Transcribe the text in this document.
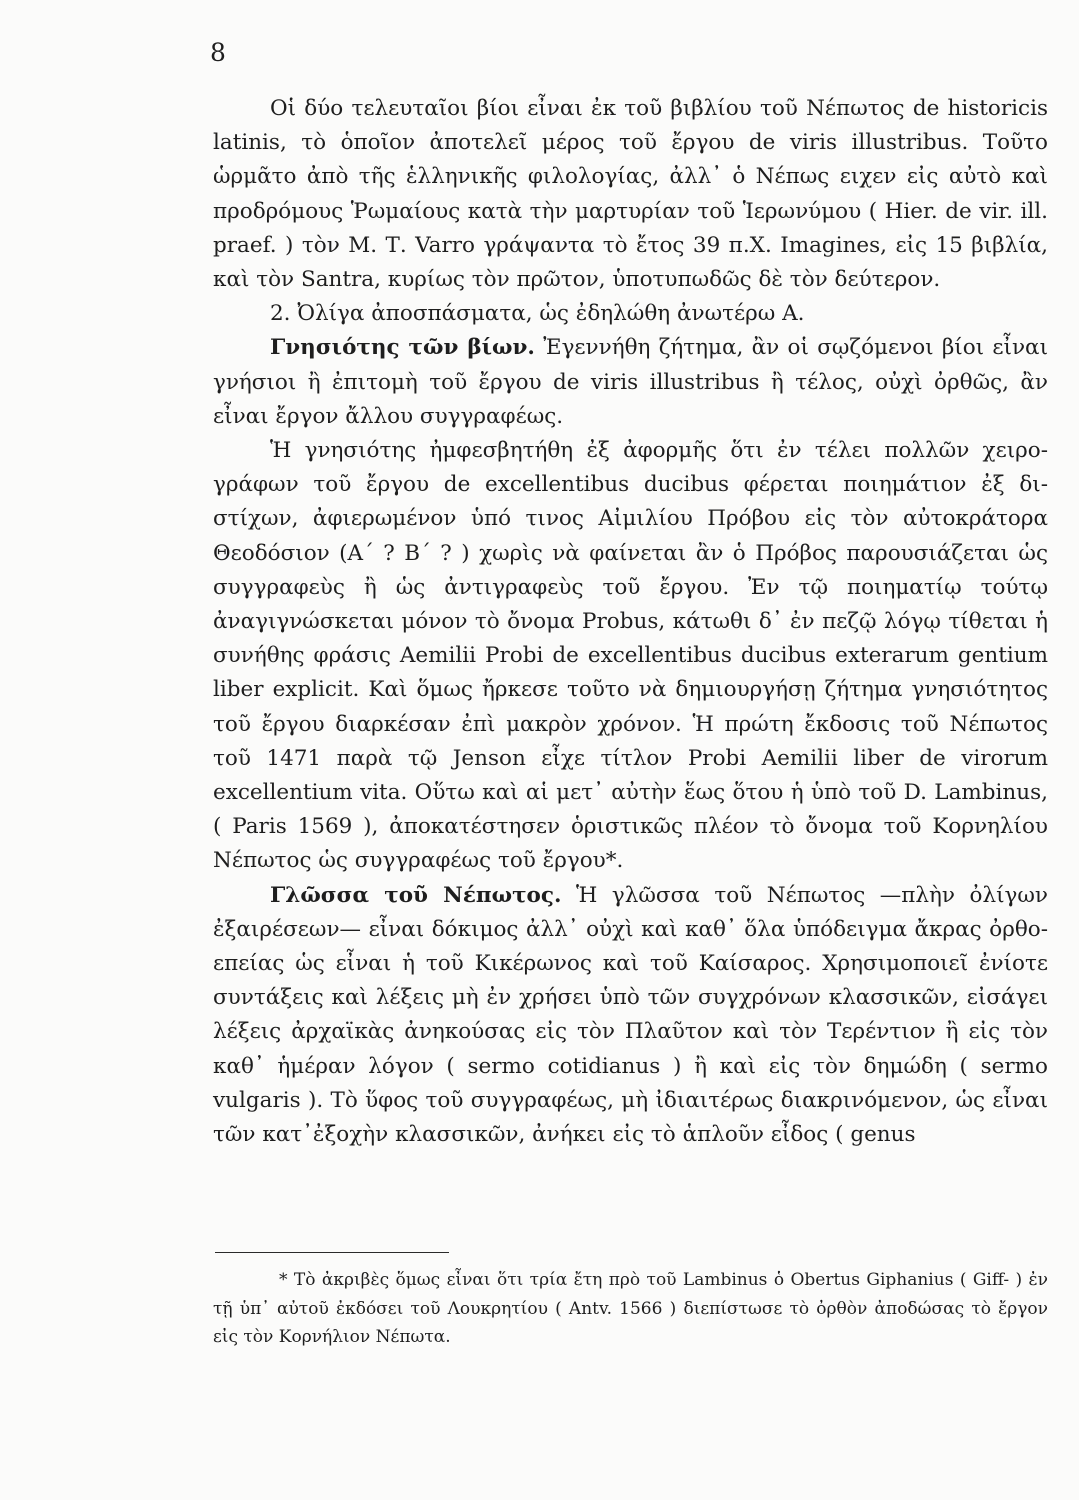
8

Οἱ δύο τελευταῖοι βίοι εἶναι ἐκ τοῦ βιβλίου τοῦ Νέπωτος de historicis latinis, τὸ ὁποῖον ἀποτελεῖ μέρος τοῦ ἔργου de viris illustribus. Τοῦτο ὡρμᾶτο ἀπὸ τῆς ἑλληνικῆς φιλολογίας, ἀλλ᾽ ὁ Νέπως ειχεν εἰς αὐτὸ καὶ προδρόμους Ῥωμαίους κατὰ τὴν μαρτυρίαν τοῦ Ἱερωνύμου ( Hier. de vir. ill. praef. ) τὸν Μ. Τ. Varro γράψαντα τὸ ἔτος 39 π.Χ. Imagines, εἰς 15 βιβλία, καὶ τὸν Santra, κυρίως τὸν πρῶτον, ὑποτυπωδῶς δὲ τὸν δεύτερον.

2. Ὀλίγα ἀποσπάσματα, ὡς ἐδηλώθη ἀνωτέρω Α.

Γνησιότης τῶν βίων. Ἐγεννήθη ζήτημα, ἂν οἱ σῳζόμενοι βίοι εἶναι γνήσιοι ἢ ἐπιτομὴ τοῦ ἔργου de viris illustribus ἢ τέλος, οὐχὶ ὀρθῶς, ἂν εἶναι ἔργον ἄλλου συγγραφέως.

Ἡ γνησιότης ἠμφεσβητήθη ἐξ ἀφορμῆς ὅτι ἐν τέλει πολλῶν χειρογράφων τοῦ ἔργου de excellentibus ducibus φέρεται ποιημάτιον ἐξ διστίχων, ἀφιερωμένον ὑπό τινος Αἰμιλίου Πρόβου εἰς τὸν αὐτοκράτορα Θεοδόσιον (Α΄ ? Β΄ ? ) χωρὶς νὰ φαίνεται ἂν ὁ Πρόβος παρουσιάζεται ὡς συγγραφεὺς ἢ ὡς ἀντιγραφεὺς τοῦ ἔργου. Ἐν τῷ ποιηματίῳ τούτῳ ἀναγιγνώσκεται μόνον τὸ ὄνομα Probus, κάτωθι δ᾽ ἐν πεζῷ λόγῳ τίθεται ἡ συνήθης φράσις Aemilii Probi de excellentibus ducibus exterarum gentium liber explicit. Καὶ ὅμως ἤρκεσε τοῦτο νὰ δημιουργήσῃ ζήτημα γνησιότητος τοῦ ἔργου διαρκέσαν ἐπὶ μακρὸν χρόνον. Ἡ πρώτη ἔκδοσις τοῦ Νέπωτος τοῦ 1471 παρὰ τῷ Jenson εἶχε τίτλον Probi Aemilii liber de virorum excellentium vita. Οὕτω καὶ αἱ μετ᾽ αὐτὴν ἕως ὅτου ἡ ὑπὸ τοῦ D. Lambinus, ( Paris 1569 ), ἀποκατέστησεν ὁριστικῶς πλέον τὸ ὄνομα τοῦ Κορνηλίου Νέπωτος ὡς συγγραφέως τοῦ ἔργου*.

Γλῶσσα τοῦ Νέπωτος. Ἡ γλῶσσα τοῦ Νέπωτος —πλὴν ὀλίγων ἐξαιρέσεων— εἶναι δόκιμος ἀλλ᾽ οὐχὶ καὶ καθ᾽ ὅλα ὑπόδειγμα ἄκρας ὀρθοεπείας ὡς εἶναι ἡ τοῦ Κικέρωνος καὶ τοῦ Καίσαρος. Χρησιμοποιεῖ ἐνίοτε συντάξεις καὶ λέξεις μὴ ἐν χρήσει ὑπὸ τῶν συγχρόνων κλασσικῶν, εἰσάγει λέξεις ἀρχαϊκὰς ἀνηκούσας εἰς τὸν Πλαῦτον καὶ τὸν Τερέντιον ἢ εἰς τὸν καθ᾽ ἡμέραν λόγον ( sermo cotidianus ) ἢ καὶ εἰς τὸν δημώδη ( sermo vulgaris ). Τὸ ὕφος τοῦ συγγραφέως, μὴ ἰδιαιτέρως διακρινόμενον, ὡς εἶναι τῶν κατ᾽ἐξοχὴν κλασσικῶν, ἀνήκει εἰς τὸ ἁπλοῦν εἶδος ( genus

* Τὸ ἀκριβὲς ὅμως εἶναι ὅτι τρία ἔτη πρὸ τοῦ Lambinus ὁ Obertus Giphanius ( Giff- ) ἐν τῇ ὑπ᾽ αὐτοῦ ἐκδόσει τοῦ Λουκρητίου ( Antv. 1566 ) διεπίστωσε τὸ ὀρθὸν ἀποδώσας τὸ ἔργον εἰς τὸν Κορνήλιον Νέπωτα.
